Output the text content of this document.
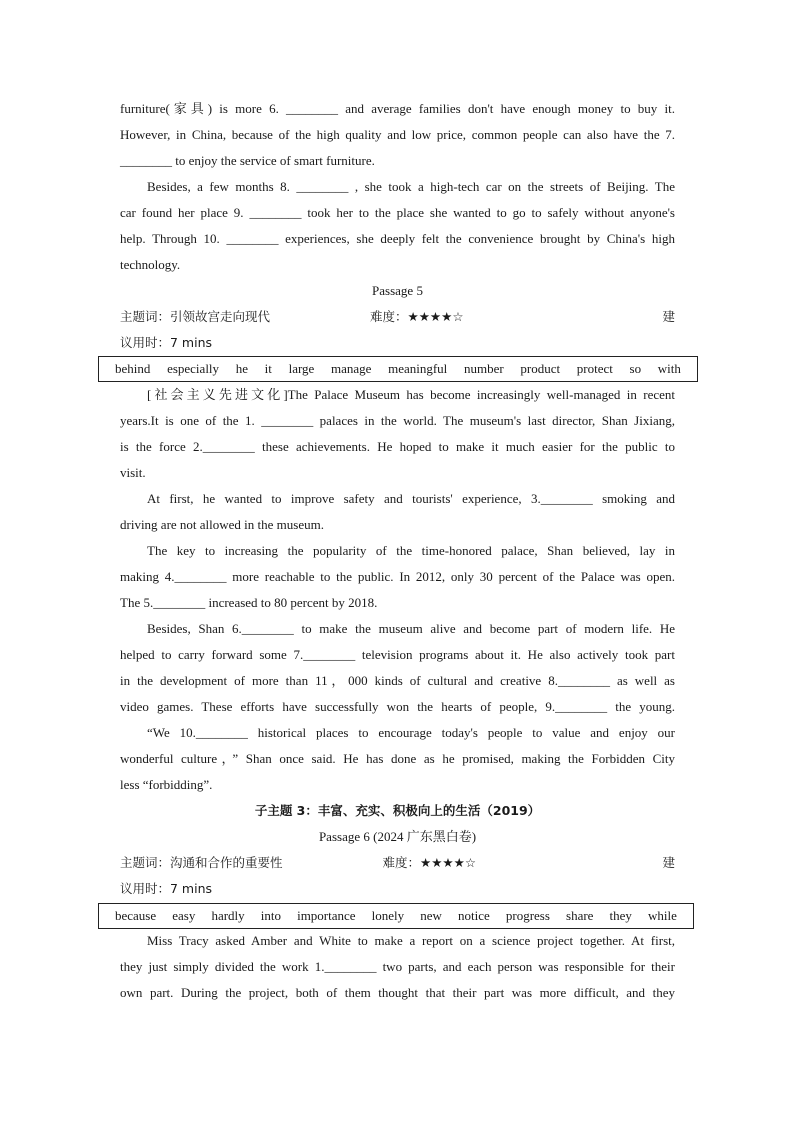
furniture(家具) is more 6. ________ and average families don't have enough money to buy it.
However, in China, because of the high quality and low price, common people can also have the 7.
________ to enjoy the service of smart furniture.
Besides, a few months 8. ________ , she took a high-tech car on the streets of Beijing. The
car found her place 9. ________ took her to the place she wanted to go to safely without anyone's
help. Through 10. ________ experiences, she deeply felt the convenience brought by China's high
technology.
Passage 5
主题词：引领故宫走向现代	难度：★★★★☆	建
议用时：7 mins
[社会主义先进文化]The Palace Museum has become increasingly well-managed in recent
years.It is one of the 1. ________ palaces in the world. The museum's last director, Shan Jixiang,
is the force 2.________ these achievements. He hoped to make it much easier for the public to
visit.
At first, he wanted to improve safety and tourists' experience, 3.________ smoking and
driving are not allowed in the museum.
The key to increasing the popularity of the time-honored palace, Shan believed, lay in
making 4.________ more reachable to the public. In 2012, only 30 percent of the Palace was open.
The 5.________ increased to 80 percent by 2018.
Besides, Shan 6.________ to make the museum alive and become part of modern life. He
helped to carry forward some 7.________ television programs about it. He also actively took part
in the development of more than 11，000 kinds of cultural and creative 8.________ as well as
video games. These efforts have successfully won the hearts of people, 9.________ the young.
“We 10.________ historical places to encourage today's people to value and enjoy our
wonderful culture，” Shan once said. He has done as he promised, making the Forbidden City
less “forbidding”.
子主题 3：丰富、充实、积极向上的生活（2019）
Passage 6 (2024 广东黑白卷)
主题词：沟通和合作的重要性	难度：★★★★☆	建
议用时：7 mins
Miss Tracy asked Amber and White to make a report on a science project together. At first,
they just simply divided the work 1.________ two parts, and each person was responsible for their
own part. During the project, both of them thought that their part was more difficult, and they
behind especially he it large manage meaningful number product protect so with
because easy hardly into importance lonely new notice progress share they while
